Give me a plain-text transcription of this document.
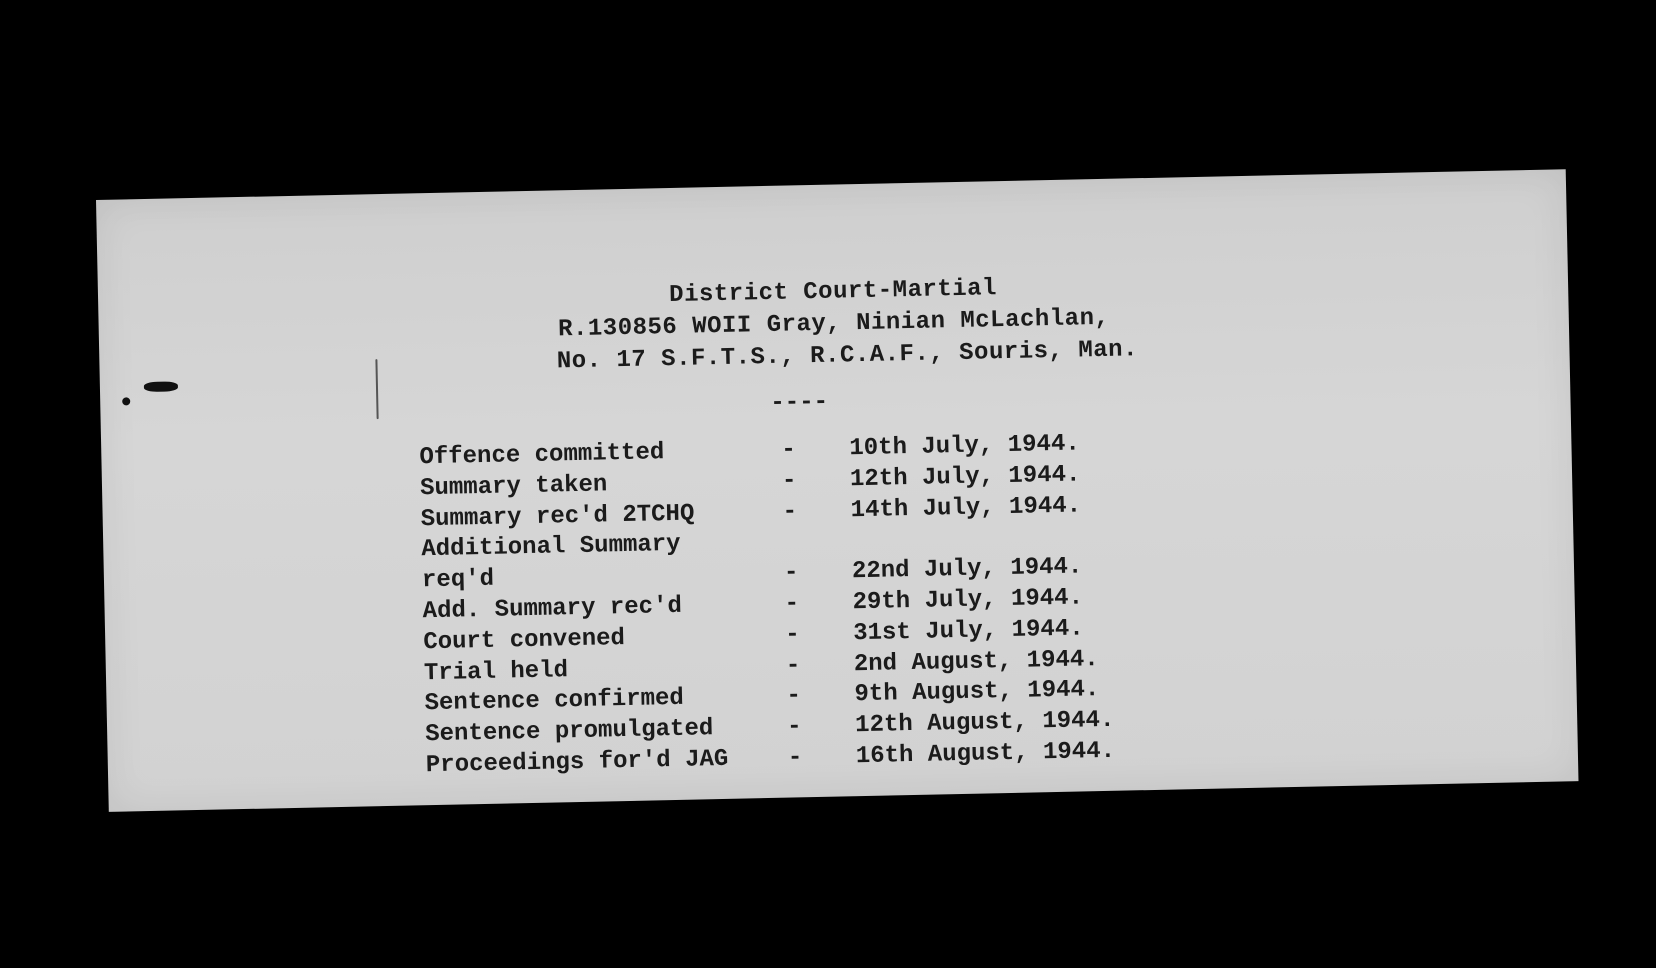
District Court-Martial
R.130856 WOII Gray, Ninian McLachlan,
No. 17 S.F.T.S., R.C.A.F., Souris, Man.
----
Offence committed	-	10th July, 1944.
Summary taken	-	12th July, 1944.
Summary rec'd 2TCHQ	-	14th July, 1944.
Additional Summary
req'd	-	22nd July, 1944.
Add. Summary rec'd	-	29th July, 1944.
Court convened	-	31st July, 1944.
Trial held	-	2nd August, 1944.
Sentence confirmed	-	9th August, 1944.
Sentence promulgated	-	12th August, 1944.
Proceedings for'd JAG	-	16th August, 1944.
